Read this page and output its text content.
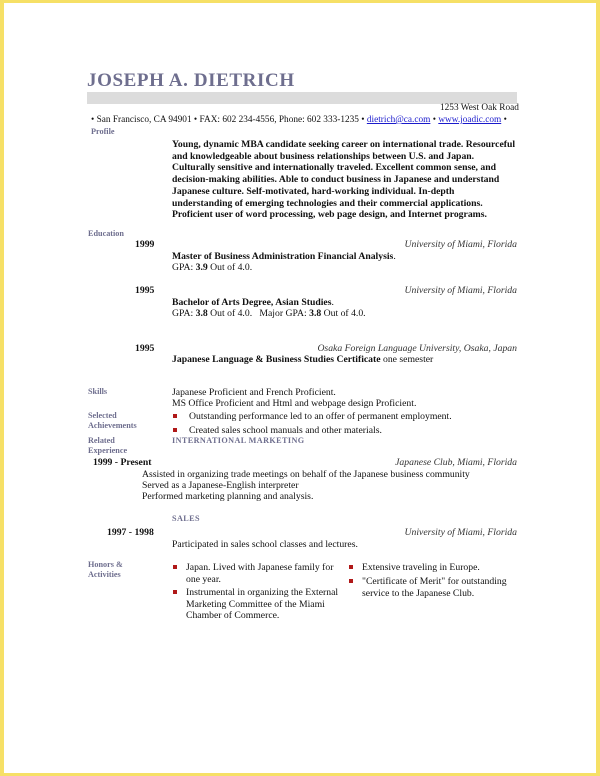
JOSEPH A. DIETRICH
1253 West Oak Road
• San Francisco, CA 94901 • FAX: 602 234-4556, Phone: 602 333-1235 • dietrich@ca.com • www.joadic.com •
Profile
Young, dynamic MBA candidate seeking career on international trade. Resourceful and knowledgeable about business relationships between U.S. and Japan. Culturally sensitive and internationally traveled. Excellent common sense, and decision-making abilities. Able to conduct business in Japanese and understand Japanese culture. Self-motivated, hard-working individual. In-depth understanding of emerging technologies and their commercial applications. Proficient user of word processing, web page design, and Internet programs.
Education
1999	University of Miami, Florida
Master of Business Administration Financial Analysis.
GPA: 3.9 Out of 4.0.
1995	University of Miami, Florida
Bachelor of Arts Degree, Asian Studies.
GPA: 3.8 Out of 4.0.   Major GPA: 3.8 Out of 4.0.
1995	Osaka Foreign Language University, Osaka, Japan
Japanese Language & Business Studies Certificate one semester
Skills	Japanese Proficient and French Proficient.
MS Office Proficient and Html and webpage design Proficient.
Selected
Achievements
Outstanding performance led to an offer of permanent employment.
Created sales school manuals and other materials.
Related
Experience
INTERNATIONAL MARKETING
1999 - Present	Japanese Club, Miami, Florida
Assisted in organizing trade meetings on behalf of the Japanese business community
Served as a Japanese-English interpreter
Performed marketing planning and analysis.
SALES
1997 - 1998	University of Miami, Florida
Participated in sales school classes and lectures.
Honors &
Activities
Japan. Lived with Japanese family for one year.
Instrumental in organizing the External Marketing Committee of the Miami Chamber of Commerce.
Extensive traveling in Europe.
"Certificate of Merit" for outstanding service to the Japanese Club.
